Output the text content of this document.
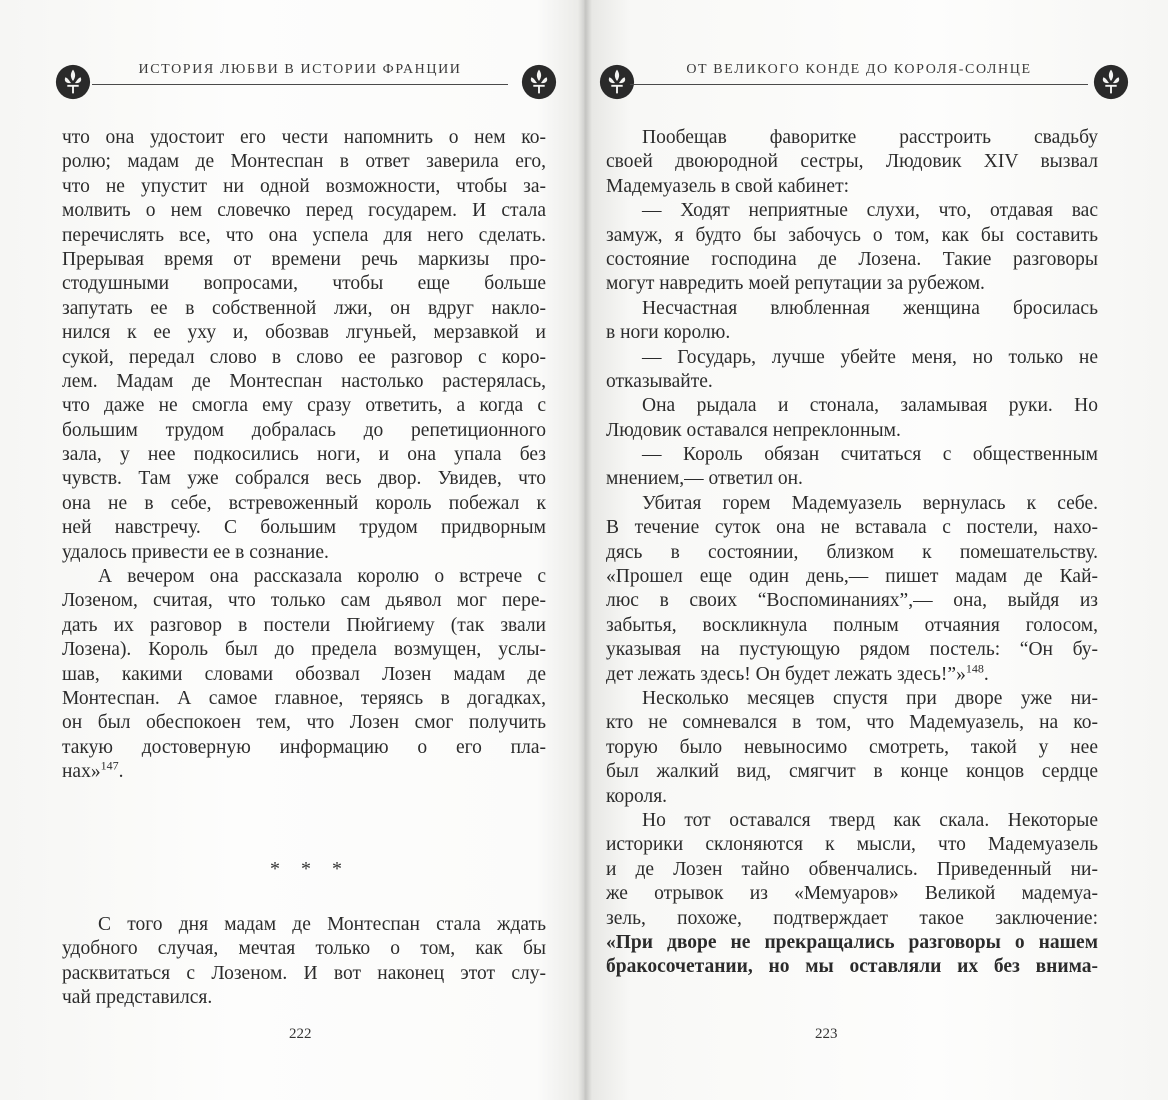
ИСТОРИЯ ЛЮБВИ В ИСТОРИИ ФРАНЦИИ
что она удостоит его чести напомнить о нем ко-
ролю; мадам де Монтеспан в ответ заверила его,
что не упустит ни одной возможности, чтобы за-
молвить о нем словечко перед государем. И стала
перечислять все, что она успела для него сделать.
Прерывая время от времени речь маркизы про-
стодушными вопросами, чтобы еще больше
запутать ее в собственной лжи, он вдруг накло-
нился к ее уху и, обозвав лгуньей, мерзавкой и
сукой, передал слово в слово ее разговор с коро-
лем. Мадам де Монтеспан настолько растерялась,
что даже не смогла ему сразу ответить, а когда с
большим трудом добралась до репетиционного
зала, у нее подкосились ноги, и она упала без
чувств. Там уже собрался весь двор. Увидев, что
она не в себе, встревоженный король побежал к
ней навстречу. С большим трудом придворным
удалось привести ее в сознание.
А вечером она рассказала королю о встрече с
Лозеном, считая, что только сам дьявол мог пере-
дать их разговор в постели Пюйгиему (так звали
Лозена). Король был до предела возмущен, услы-
шав, какими словами обозвал Лозен мадам де
Монтеспан. А самое главное, теряясь в догадках,
он был обеспокоен тем, что Лозен смог получить
такую достоверную информацию о его пла-
нах»$^{147}$.
* * *
С того дня мадам де Монтеспан стала ждать
удобного случая, мечтая только о том, как бы
расквитаться с Лозеном. И вот наконец этот слу-
чай представился.
222
ОТ ВЕЛИКОГО КОНДЕ ДО КОРОЛЯ-СОЛНЦЕ
Пообещав фаворитке расстроить свадьбу
своей двоюродной сестры, Людовик XIV вызвал
Мадемуазель в свой кабинет:
— Ходят неприятные слухи, что, отдавая вас
замуж, я будто бы забочусь о том, как бы составить
состояние господина де Лозена. Такие разговоры
могут навредить моей репутации за рубежом.
Несчастная влюбленная женщина бросилась
в ноги королю.
— Государь, лучше убейте меня, но только не
отказывайте.
Она рыдала и стонала, заламывая руки. Но
Людовик оставался непреклонным.
— Король обязан считаться с общественным
мнением,— ответил он.
Убитая горем Мадемуазель вернулась к себе.
В течение суток она не вставала с постели, нахо-
дясь в состоянии, близком к помешательству.
«Прошел еще один день,— пишет мадам де Кай-
люс в своих “Воспоминаниях”,— она, выйдя из
забытья, воскликнула полным отчаяния голосом,
указывая на пустующую рядом постель: “Он бу-
дет лежать здесь! Он будет лежать здесь!”»$^{148}$.
Несколько месяцев спустя при дворе уже ни-
кто не сомневался в том, что Мадемуазель, на ко-
торую было невыносимо смотреть, такой у нее
был жалкий вид, смягчит в конце концов сердце
короля.
Но тот оставался тверд как скала. Некоторые
историки склоняются к мысли, что Мадемуазель
и де Лозен тайно обвенчались. Приведенный ни-
же отрывок из «Мемуаров» Великой мадемуа-
зель, похоже, подтверждает такое заключение:
«При дворе не прекращались разговоры о нашем
бракосочетании, но мы оставляли их без внима-
223
